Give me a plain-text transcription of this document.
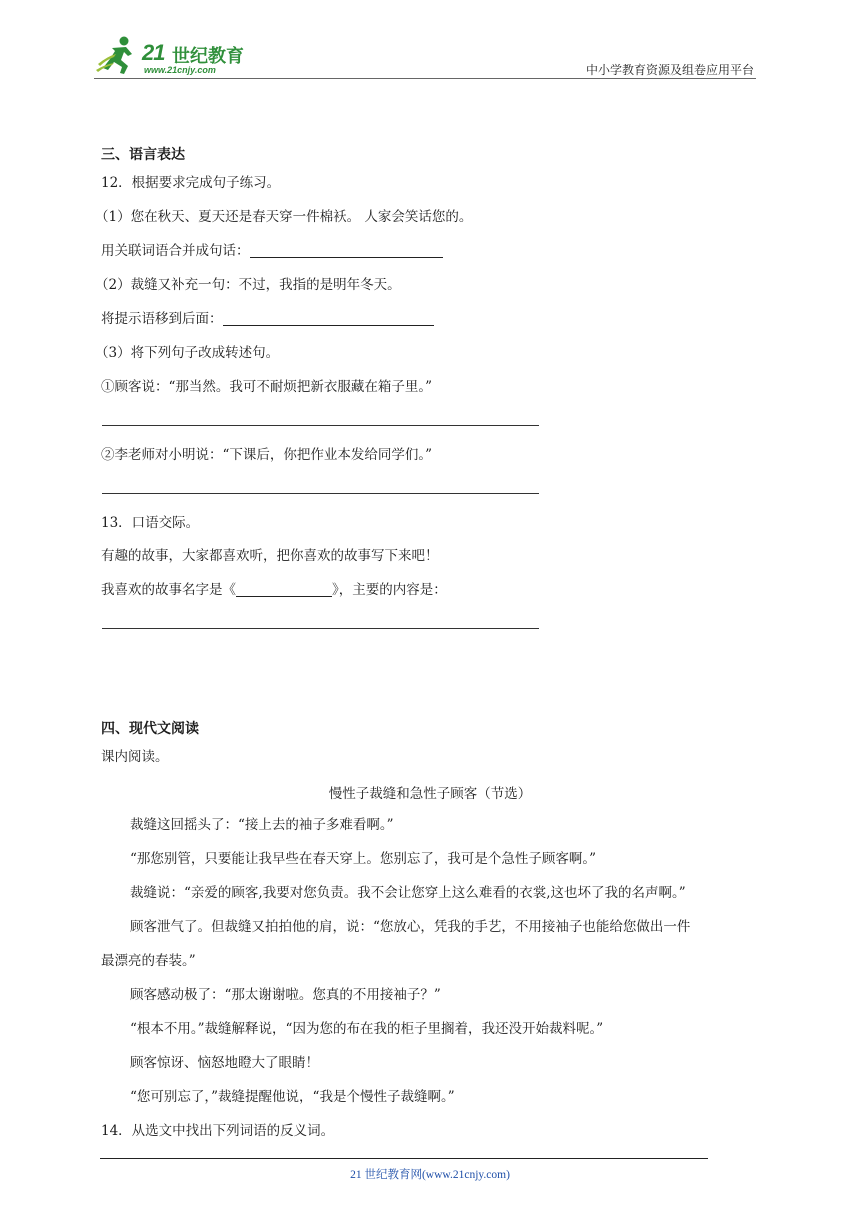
21 世纪教育
www.21cnjy.com	中小学教育资源及组卷应用平台
三、语言表达
12．根据要求完成句子练习。
（1）您在秋天、夏天还是春天穿一件棉袄。 人家会笑话您的。
用关联词语合并成句话：
（2）裁缝又补充一句：不过，我指的是明年冬天。
将提示语移到后面：
（3）将下列句子改成转述句。
①顾客说：“那当然。我可不耐烦把新衣服藏在箱子里。”
②李老师对小明说：“下课后，你把作业本发给同学们。”
13．口语交际。
有趣的故事，大家都喜欢听，把你喜欢的故事写下来吧！
我喜欢的故事名字是《	》，主要的内容是：
四、现代文阅读
课内阅读。
慢性子裁缝和急性子顾客（节选）
裁缝这回摇头了：“接上去的袖子多难看啊。”
“那您别管，只要能让我早些在春天穿上。您别忘了，我可是个急性子顾客啊。”
裁缝说：“亲爱的顾客,我要对您负责。我不会让您穿上这么难看的衣裳,这也坏了我的名声啊。”
顾客泄气了。但裁缝又拍拍他的肩，说：“您放心，凭我的手艺，不用接袖子也能给您做出一件
最漂亮的春装。”
顾客感动极了：“那太谢谢啦。您真的不用接袖子？”
“根本不用。”裁缝解释说，“因为您的布在我的柜子里搁着，我还没开始裁料呢。”
顾客惊讶、恼怒地瞪大了眼睛！
“您可别忘了，”裁缝提醒他说，“我是个慢性子裁缝啊。”
14．从选文中找出下列词语的反义词。
21 世纪教育网(www.21cnjy.com)
